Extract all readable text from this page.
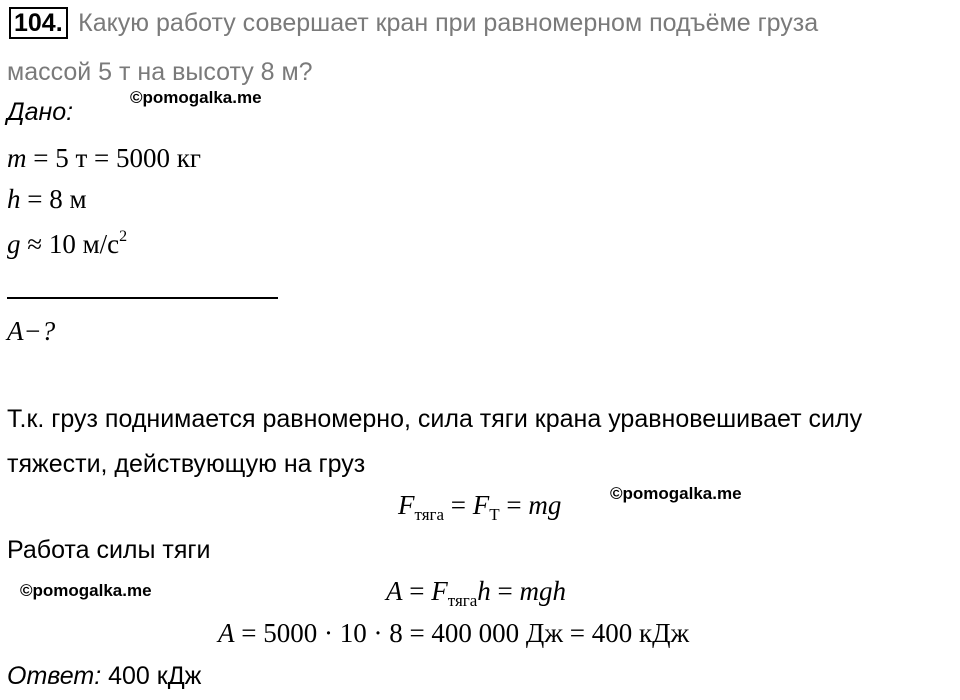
104. Какую работу совершает кран при равномерном подъёме груза
массой 5 т на высоту 8 м?
Дано:
©pomogalka.me
m = 5 т = 5000 кг
h = 8 м
g ≈ 10 $м/с^2$
A−?
Т.к. груз поднимается равномерно, сила тяги крана уравновешивает силу
тяжести, действующую на груз
$F_{тяга} = F_Т$ = mg	©pomogalka.me
Работа силы тяги
©pomogalka.me	$A = F_{тяга}h$ = mgh
A = 5000 · 10 · 8 = 400 000 Дж = 400 кДж
Ответ: 400 кДж
